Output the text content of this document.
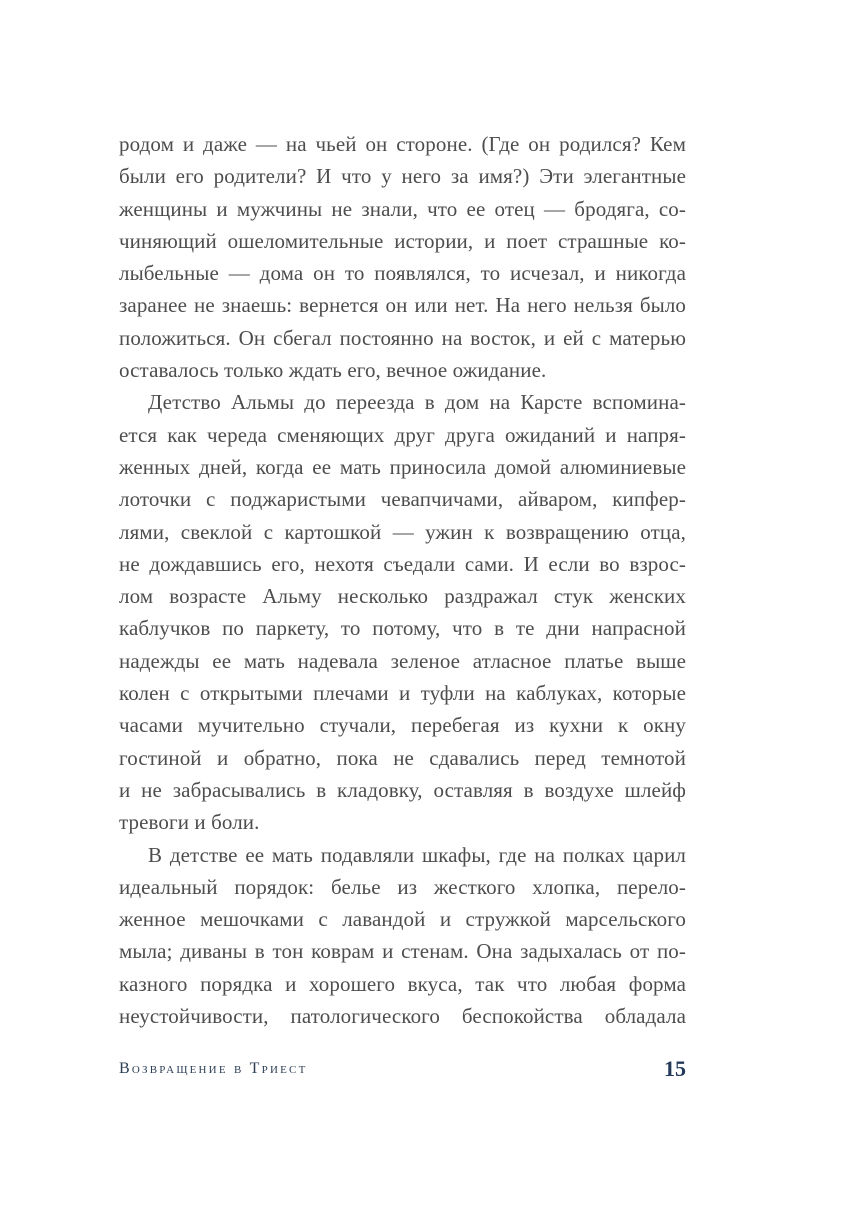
родом и даже — на чьей он стороне. (Где он родился? Кем
были его родители? И что у него за имя?) Эти элегантные
женщины и мужчины не знали, что ее отец — бродяга, со-
чиняющий ошеломительные истории, и поет страшные ко-
лыбельные — дома он то появлялся, то исчезал, и никогда
заранее не знаешь: вернется он или нет. На него нельзя было
положиться. Он сбегал постоянно на восток, и ей с матерью
оставалось только ждать его, вечное ожидание.
Детство Альмы до переезда в дом на Карсте вспомина-
ется как череда сменяющих друг друга ожиданий и напря-
женных дней, когда ее мать приносила домой алюминиевые
лоточки с поджаристыми чевапчичами, айваром, кипфер-
лями, свеклой с картошкой — ужин к возвращению отца,
не дождавшись его, нехотя съедали сами. И если во взрос-
лом возрасте Альму несколько раздражал стук женских
каблучков по паркету, то потому, что в те дни напрасной
надежды ее мать надевала зеленое атласное платье выше
колен с открытыми плечами и туфли на каблуках, которые
часами мучительно стучали, перебегая из кухни к окну
гостиной и обратно, пока не сдавались перед темнотой
и не забрасывались в кладовку, оставляя в воздухе шлейф
тревоги и боли.
В детстве ее мать подавляли шкафы, где на полках царил
идеальный порядок: белье из жесткого хлопка, перело-
женное мешочками с лавандой и стружкой марсельского
мыла; диваны в тон коврам и стенам. Она задыхалась от по-
казного порядка и хорошего вкуса, так что любая форма
неустойчивости, патологического беспокойства обладала
Возвращение в Триест	15
